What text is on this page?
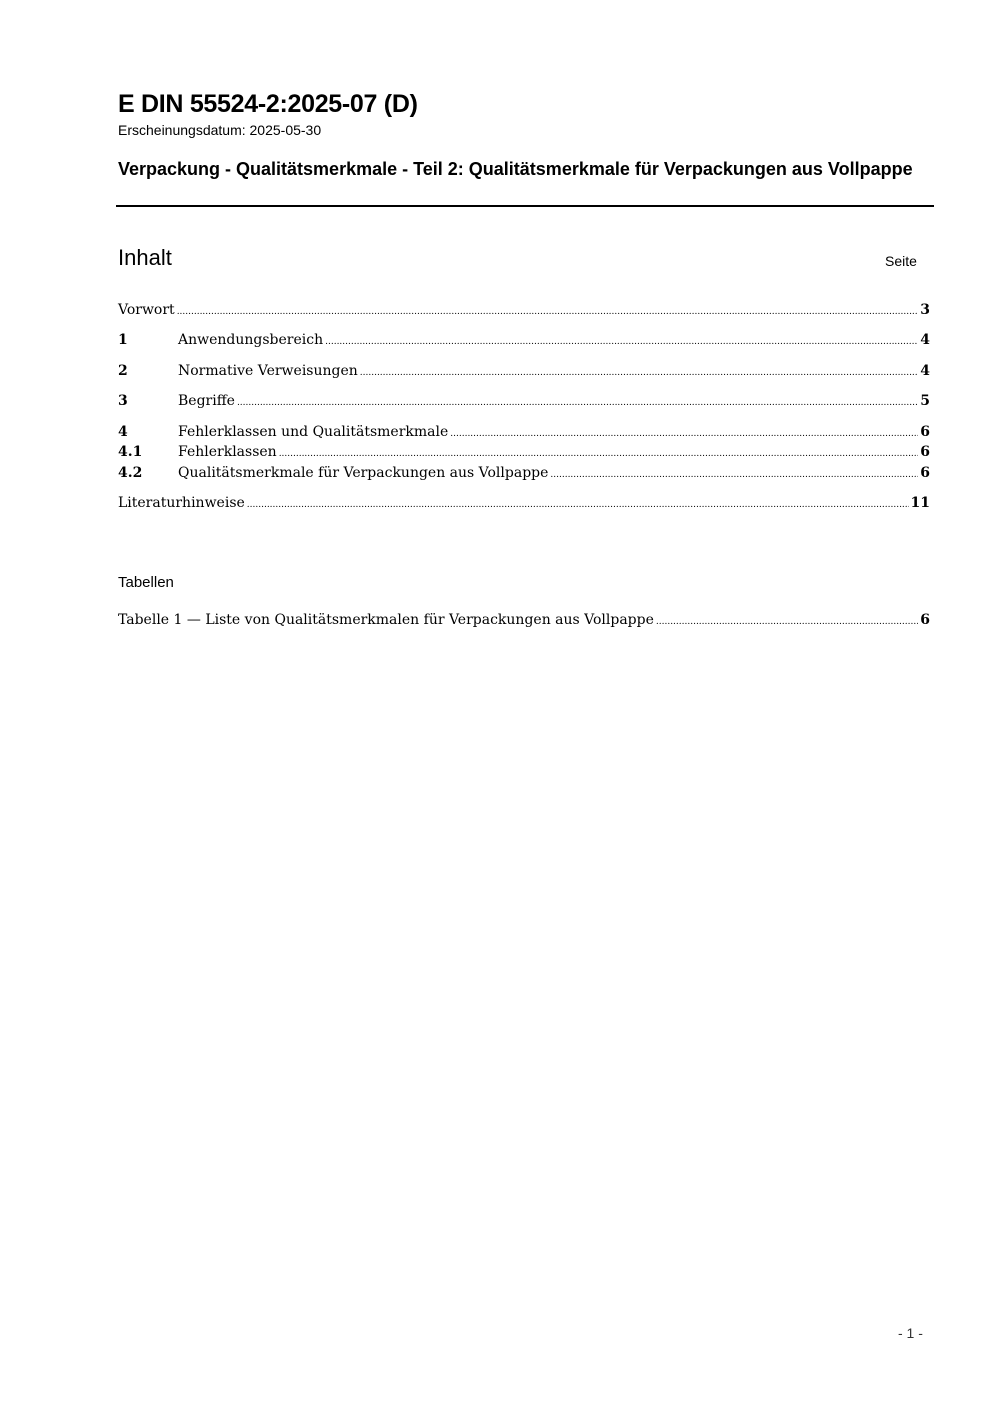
E DIN 55524-2:2025-07 (D)
Erscheinungsdatum: 2025-05-30
Verpackung - Qualitätsmerkmale - Teil 2: Qualitätsmerkmale für Verpackungen aus Vollpappe
Inhalt	Seite
Vorwort .....	3
1	Anwendungsbereich .....	4
2	Normative Verweisungen .....	4
3	Begriffe .....	5
4	Fehlerklassen und Qualitätsmerkmale .....	6
4.1	Fehlerklassen .....	6
4.2	Qualitätsmerkmale für Verpackungen aus Vollpappe .....	6
Literaturhinweise .....	11
Tabellen
Tabelle 1 — Liste von Qualitätsmerkmalen für Verpackungen aus Vollpappe .....	6
- 1 -
